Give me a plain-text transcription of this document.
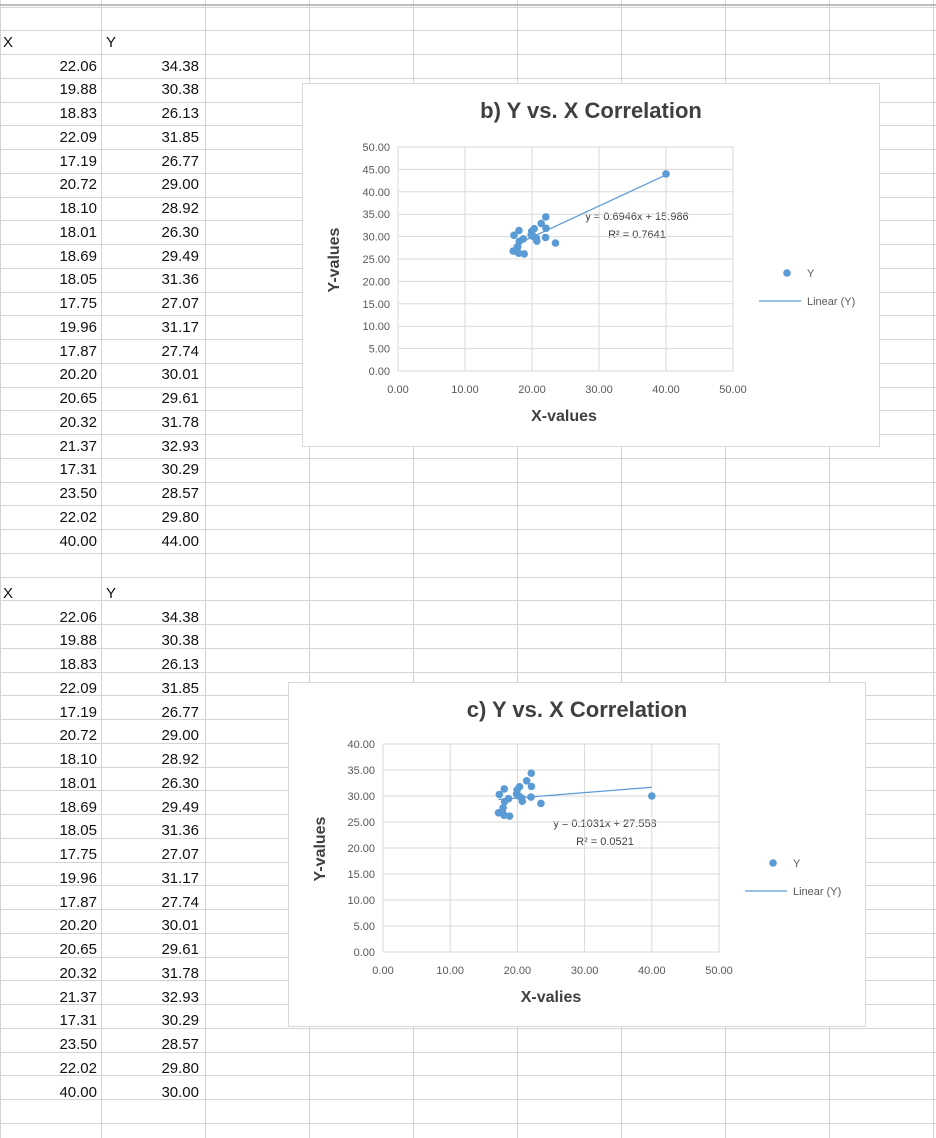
X	Y
22.06	34.38
19.88	30.38
18.83	26.13
22.09	31.85
17.19	26.77
20.72	29.00
18.10	28.92
18.01	26.30
18.69	29.49
18.05	31.36
17.75	27.07
19.96	31.17
17.87	27.74
20.20	30.01
20.65	29.61
20.32	31.78
21.37	32.93
17.31	30.29
23.50	28.57
22.02	29.80
40.00	44.00
X	Y
22.06	34.38
19.88	30.38
18.83	26.13
22.09	31.85
17.19	26.77
20.72	29.00
18.10	28.92
18.01	26.30
18.69	29.49
18.05	31.36
17.75	27.07
19.96	31.17
17.87	27.74
20.20	30.01
20.65	29.61
20.32	31.78
21.37	32.93
17.31	30.29
23.50	28.57
22.02	29.80
40.00	30.00
b) Y vs. X Correlation
X-values
Y-values
y = 0.6946x + 15.986
R² = 0.7641
Y
Linear (Y)
0.00	10.00	20.00	30.00	40.00	50.00
0.00
5.00
10.00
15.00
20.00
25.00
30.00
35.00
40.00
45.00
50.00
c) Y vs. X Correlation
X-valies
Y-values	y = 0.1031x + 27.558
R² = 0.0521
Y
Linear (Y)
0.00	10.00	20.00	30.00	40.00	50.00
0.00
5.00
10.00
15.00
20.00
25.00
30.00
35.00
40.00
